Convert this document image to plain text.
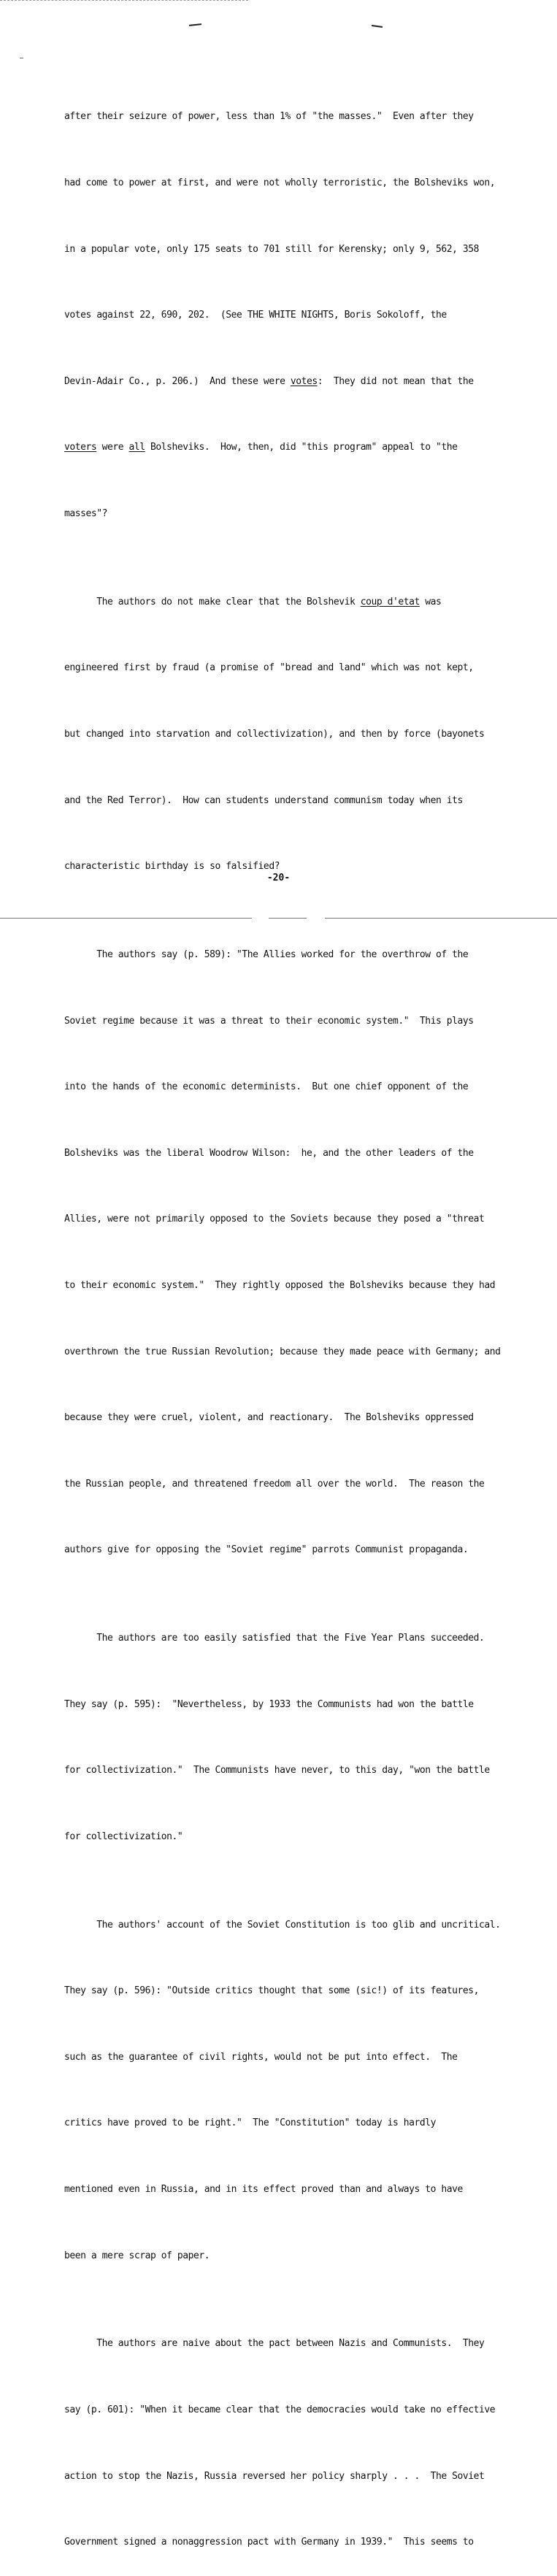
after their seizure of power, less than 1% of "the masses."  Even after they

had come to power at first, and were not wholly terroristic, the Bolsheviks won,

in a popular vote, only 175 seats to 701 still for Kerensky; only 9, 562, 358

votes against 22, 690, 202.  (See THE WHITE NIGHTS, Boris Sokoloff, the

Devin-Adair Co., p. 206.)  And these were votes:  They did not mean that the

voters were all Bolsheviks.  How, then, did "this program" appeal to "the

masses"?

The authors do not make clear that the Bolshevik coup d'etat was

engineered first by fraud (a promise of "bread and land" which was not kept,

but changed into starvation and collectivization), and then by force (bayonets

and the Red Terror).  How can students understand communism today when its

characteristic birthday is so falsified?

The authors say (p. 589): "The Allies worked for the overthrow of the

Soviet regime because it was a threat to their economic system."  This plays

into the hands of the economic determinists.  But one chief opponent of the

Bolsheviks was the liberal Woodrow Wilson:  he, and the other leaders of the

Allies, were not primarily opposed to the Soviets because they posed a "threat

to their economic system."  They rightly opposed the Bolsheviks because they had

overthrown the true Russian Revolution; because they made peace with Germany; and

because they were cruel, violent, and reactionary.  The Bolsheviks oppressed

the Russian people, and threatened freedom all over the world.  The reason the

authors give for opposing the "Soviet regime" parrots Communist propaganda.

The authors are too easily satisfied that the Five Year Plans succeeded.

They say (p. 595):  "Nevertheless, by 1933 the Communists had won the battle

for collectivization."  The Communists have never, to this day, "won the battle

for collectivization."

The authors' account of the Soviet Constitution is too glib and uncritical.

They say (p. 596): "Outside critics thought that some (sic!) of its features,

such as the guarantee of civil rights, would not be put into effect.  The

critics have proved to be right."  The "Constitution" today is hardly

mentioned even in Russia, and in its effect proved than and always to have

been a mere scrap of paper.

The authors are naive about the pact between Nazis and Communists.  They

say (p. 601): "When it became clear that the democracies would take no effective

action to stop the Nazis, Russia reversed her policy sharply . . .  The Soviet

Government signed a nonaggression pact with Germany in 1939."  This seems to

-20-
